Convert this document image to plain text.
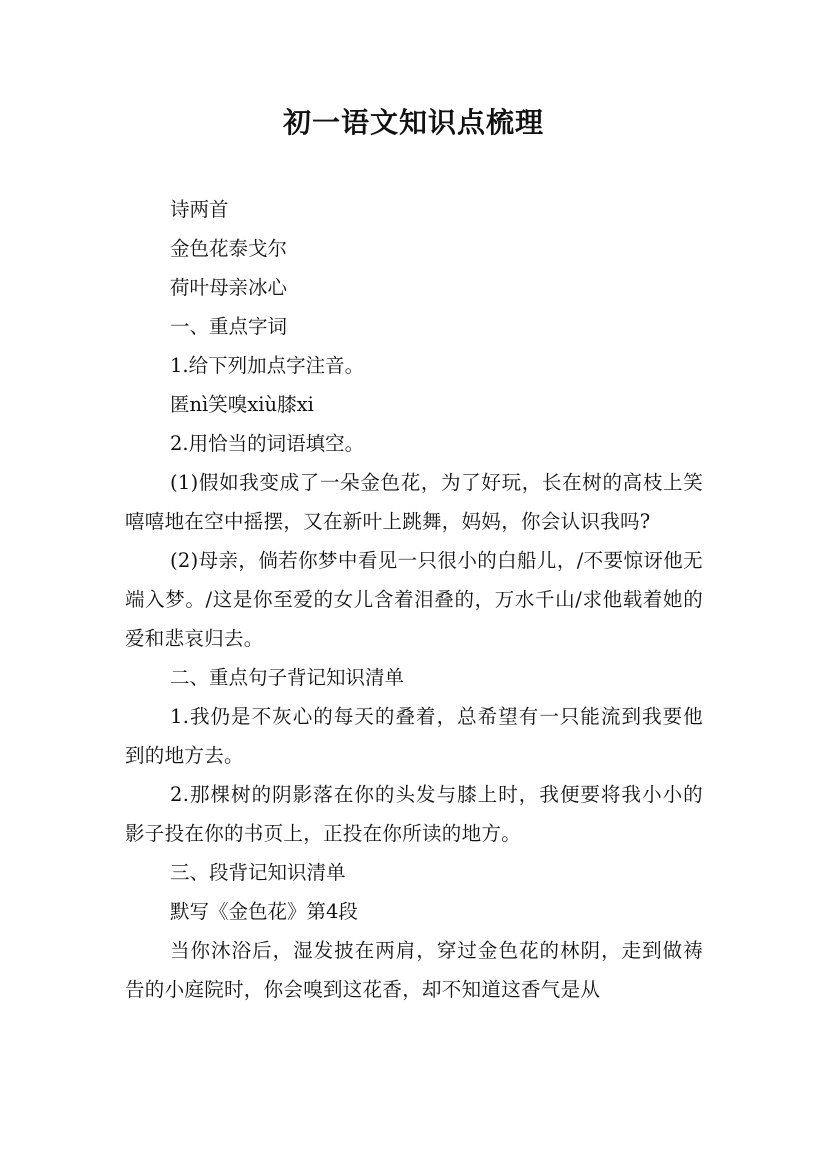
初一语文知识点梳理

诗两首

金色花泰戈尔

荷叶母亲冰心

一、重点字词

1.给下列加点字注音。

匿nì笑嗅xiù膝xi

2.用恰当的词语填空。

(1)假如我变成了一朵金色花，为了好玩，长在树的高枝上笑嘻嘻地在空中摇摆，又在新叶上跳舞，妈妈，你会认识我吗?

(2)母亲，倘若你梦中看见一只很小的白船儿，/不要惊讶他无端入梦。/这是你至爱的女儿含着泪叠的，万水千山/求他载着她的爱和悲哀归去。

二、重点句子背记知识清单

1.我仍是不灰心的每天的叠着，总希望有一只能流到我要他到的地方去。

2.那棵树的阴影落在你的头发与膝上时，我便要将我小小的影子投在你的书页上，正投在你所读的地方。

三、段背记知识清单

默写《金色花》第4段

当你沐浴后，湿发披在两肩，穿过金色花的林阴，走到做祷告的小庭院时，你会嗅到这花香，却不知道这香气是从
